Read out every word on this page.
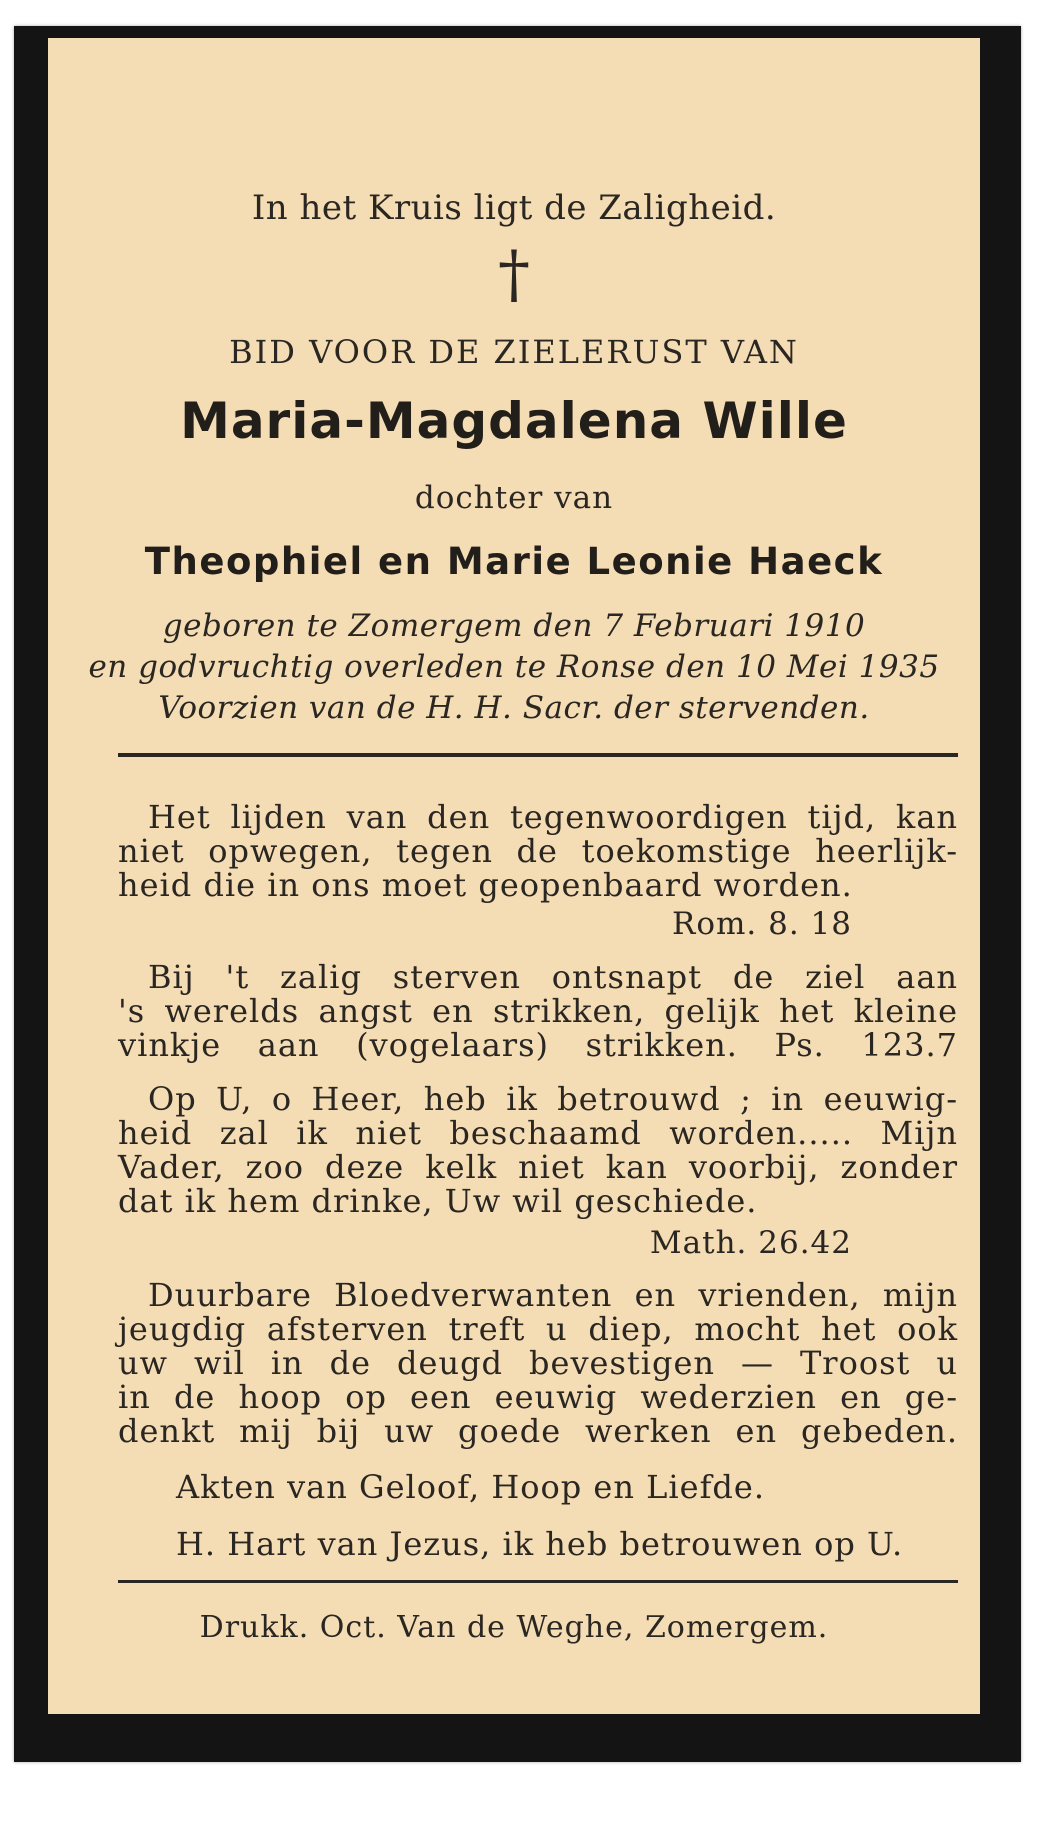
In het Kruis ligt de Zaligheid.
†
BID VOOR DE ZIELERUST VAN
Maria-Magdalena Wille
dochter van
Theophiel en Marie Leonie Haeck
geboren te Zomergem den 7 Februari 1910
en godvruchtig overleden te Ronse den 10 Mei 1935
Voorzien van de H. H. Sacr. der stervenden.
Het lijden van den tegenwoordigen tijd, kan
niet opwegen, tegen de toekomstige heerlijk-
heid die in ons moet geopenbaard worden.
Rom. 8. 18
Bij 't zalig sterven ontsnapt de ziel aan
's werelds angst en strikken, gelijk het kleine
vinkje aan (vogelaars) strikken. Ps. 123.7
Op U, o Heer, heb ik betrouwd ; in eeuwig-
heid zal ik niet beschaamd worden..... Mijn
Vader, zoo deze kelk niet kan voorbij, zonder
dat ik hem drinke, Uw wil geschiede.
Math. 26.42
Duurbare Bloedverwanten en vrienden, mijn
jeugdig afsterven treft u diep, mocht het ook
uw wil in de deugd bevestigen — Troost u
in de hoop op een eeuwig wederzien en ge-
denkt mij bij uw goede werken en gebeden.
Akten van Geloof, Hoop en Liefde.
H. Hart van Jezus, ik heb betrouwen op U.
Drukk. Oct. Van de Weghe, Zomergem.
